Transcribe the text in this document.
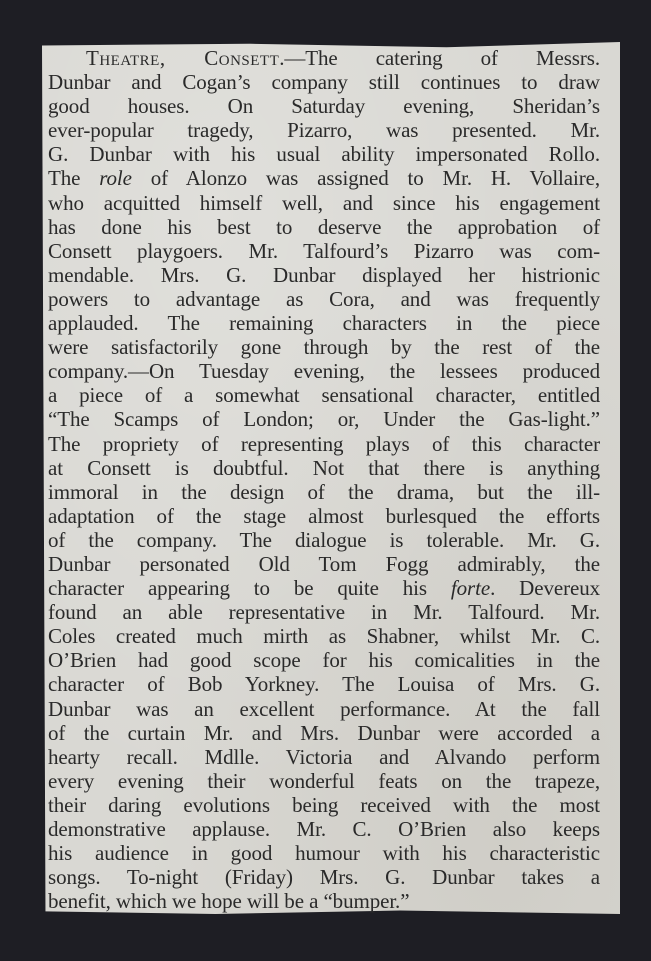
Theatre, Consett.—The catering of Messrs.
Dunbar and Cogan’s company still continues to draw
good houses. On Saturday evening, Sheridan’s
ever-popular tragedy, Pizarro, was presented. Mr.
G. Dunbar with his usual ability impersonated Rollo.
The role of Alonzo was assigned to Mr. H. Vollaire,
who acquitted himself well, and since his engagement
has done his best to deserve the approbation of
Consett playgoers. Mr. Talfourd’s Pizarro was com-
mendable. Mrs. G. Dunbar displayed her histrionic
powers to advantage as Cora, and was frequently
applauded. The remaining characters in the piece
were satisfactorily gone through by the rest of the
company.—On Tuesday evening, the lessees produced
a piece of a somewhat sensational character, entitled
“The Scamps of London; or, Under the Gas-light.”
The propriety of representing plays of this character
at Consett is doubtful. Not that there is anything
immoral in the design of the drama, but the ill-
adaptation of the stage almost burlesqued the efforts
of the company. The dialogue is tolerable. Mr. G.
Dunbar personated Old Tom Fogg admirably, the
character appearing to be quite his forte. Devereux
found an able representative in Mr. Talfourd. Mr.
Coles created much mirth as Shabner, whilst Mr. C.
O’Brien had good scope for his comicalities in the
character of Bob Yorkney. The Louisa of Mrs. G.
Dunbar was an excellent performance. At the fall
of the curtain Mr. and Mrs. Dunbar were accorded a
hearty recall. Mdlle. Victoria and Alvando perform
every evening their wonderful feats on the trapeze,
their daring evolutions being received with the most
demonstrative applause. Mr. C. O’Brien also keeps
his audience in good humour with his characteristic
songs. To-night (Friday) Mrs. G. Dunbar takes a
benefit, which we hope will be a “bumper.”
